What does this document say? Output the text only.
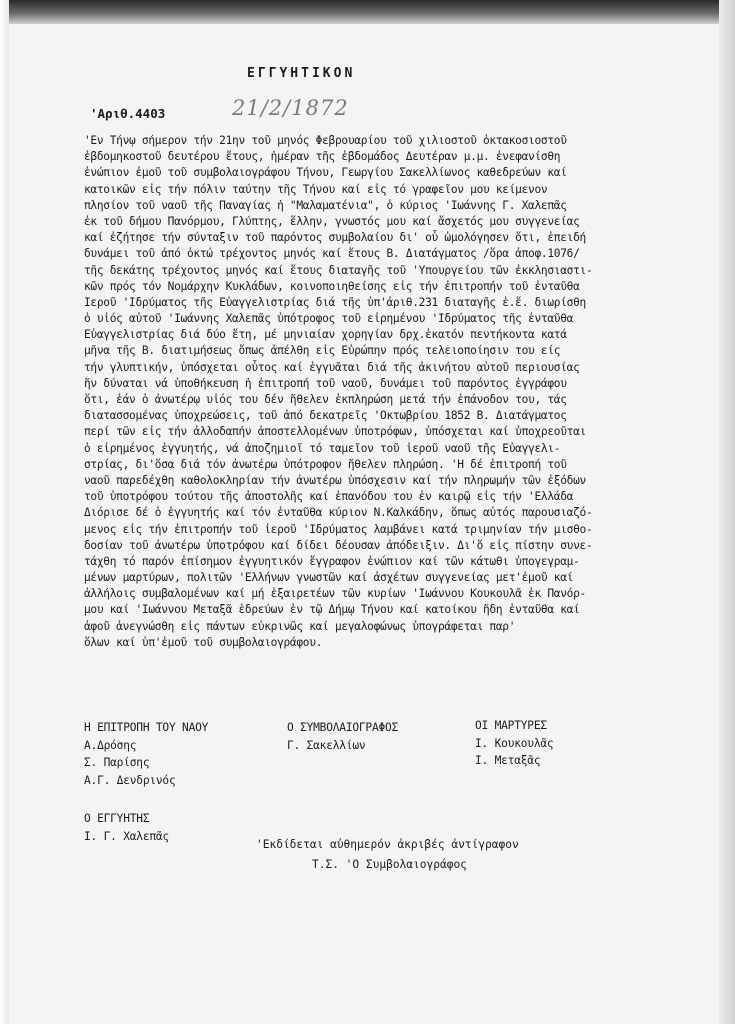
ΕΓΓΥΗΤΙΚΟΝ
'Αριθ.4403	21/2/1872
'Εν Τήνῳ σήμερον τήν 21ην τοῦ μηνός Φεβρουαρίου τοῦ χιλιοστοῦ ὀκτακοσιοστοῦ
ἑβδομηκοστοῦ δευτέρου ἔτους, ἡμέραν τῆς ἑβδομάδος Δευτέραν μ.μ. ἐνεφανίσθη
ἐνώπιον ἐμοῦ τοῦ συμβολαιογράφου Τήνου, Γεωργίου Σακελλίωνος καθεδρεύων καί
κατοικῶν εἰς τήν πόλιν ταύτην τῆς Τήνου καί εἰς τό γραφεῖον μου κείμενον
πλησίον τοῦ ναοῦ τῆς Παναγίας ἡ "Μαλαματένια", ὁ κύριος 'Ιωάννης Γ. Χαλεπᾶς
ἐκ τοῦ δήμου Πανόρμου, Γλύπτης, ἕλλην, γνωστός μου καί ἄσχετός μου συγγενείας
καί ἐζήτησε τήν σύνταξιν τοῦ παρόντος συμβολαίου δι' οὗ ὡμολόγησεν ὅτι, ἐπειδή
δυνάμει τοῦ ἀπό ὀκτώ τρέχοντος μηνός καί ἔτους Β. Διατάγματος /ὅρα ἀποφ.1076/
τῆς δεκάτης τρέχοντος μηνός καί ἔτους διαταγῆς τοῦ 'Υπουργείου τῶν ἐκκλησιαστι-
κῶν πρός τόν Νομάρχην Κυκλάδων, κοινοποιηθείσης εἰς τήν ἐπιτροπήν τοῦ ἐνταῦθα
Ιεροῦ 'Ιδρύματος τῆς Εὐαγγελιστρίας διά τῆς ὑπ'ἀριθ.231 διαταγῆς ἐ.ἔ. διωρίσθη
ὁ υἱός αὐτοῦ 'Ιωάννης Χαλεπᾶς ὑπότροφος τοῦ εἰρημένου 'Ιδρύματος τῆς ἐνταῦθα
Εὐαγγελιστρίας διά δύο ἔτη, μέ μηνιαίαν χορηγίαν δρχ.ἑκατόν πεντήκοντα κατά
μῆνα τῆς Β. διατιμήσεως ὅπως ἀπέλθη εἰς Εὐρώπην πρός τελειοποίησιν του είς
τήν γλυπτικήν, ὑπόσχεται οὗτος καί ἐγγυᾶται διά τῆς ἀκινήτου αὐτοῦ περιουσίας
ἥν δύναται νά ὑποθήκευση ἡ ἐπιτροπή τοῦ ναοῦ, δυνάμει τοῦ παρόντος ἐγγράφου
ὅτι, ἐάν ὁ ἀνωτέρῳ υἱός του δέν ἤθελεν ἐκπληρώση μετά τήν ἐπάνοδον του, τάς
διατασσομένας ὑποχρεώσεις, τοῦ ἀπό δεκατρεῖς 'Οκτωβρίου 1852 Β. Διατάγματος
περί τῶν εἰς τήν ἀλλοδαπήν ἀποστελλομένων ὑποτρόφων, ὑπόσχεται καί ὑποχρεοῦται
ὁ εἰρημένος ἐγγυητής, νά ἀποζημιοῖ τό ταμεῖον τοῦ ἱεροῦ ναοῦ τῆς Εὐαγγελι-
στρίας, δι'ὅσα διά τόν ἀνωτέρω ὑπότροφον ἤθελεν πληρώση. 'Η δέ ἐπιτροπή τοῦ
ναοῦ παρεδέχθη καθολοκληρίαν τήν ἀνωτέρω ὑπόσχεσιν καί τήν πληρωμήν τῶν ἐξόδων
τοῦ ὑποτρόφου τούτου τῆς ἀποστολῆς καί ἐπανόδου του ἐν καιρῷ εἰς τήν 'Ελλάδα
Διόρισε δέ ὁ ἐγγυητής καί τόν ἐνταῦθα κύριον Ν.Καλκάδην, ὅπως αὐτός παρουσιαζό-
μενος εἰς τήν ἐπιτροπήν τοῦ ἱεροῦ 'Ιδρύματος λαμβάνει κατά τριμηνίαν τήν μισθο-
δοσίαν τοῦ ἀνωτέρω ὑποτρόφου καί δίδει δέουσαν ἀπόδειξιν. Δι'ὅ εἰς πίστην συνε-
τάχθη τό παρόν ἐπίσημον ἐγγυητικόν ἔγγραφον ἐνώπιον καί τῶν κάτωθι ὑπογεγραμ-
μένων μαρτύρων, πολιτῶν 'Ελλήνων γνωστῶν καί ἀσχέτων συγγενείας μετ'ἐμοῦ καί
ἀλλήλοις συμβαλομένων καί μή ἐξαιρετέων τῶν κυρίων 'Ιωάννου Κουκουλᾶ ἐκ Πανόρ-
μου καί 'Ιωάννου Μεταξᾶ ἑδρεύων ἐν τῷ Δήμῳ Τήνου καί κατοίκου ἤδη ἐνταῦθα καί
ἀφοῦ ἀνεγνώσθη εἰς πάντων εὐκρινῶς καί μεγαλοφώνως ὑπογράφεται παρ'
ὅλων καί ὑπ'ἐμοῦ τοῦ συμβολαιογράφου.
Η ΕΠΙΤΡΟΠΗ ΤΟΥ ΝΑΟΥ
Α.Δρόσης
Σ. Παρίσης
Α.Γ. Δενδρινός
Ο ΣΥΜΒΟΛΑΙΟΓΡΑΦΟΣ
Γ. Σακελλίων
ΟΙ ΜΑΡΤΥΡΕΣ
Ι. Κουκουλᾶς
Ι. Μεταξᾶς
Ο ΕΓΓΥΗΤΗΣ
Ι. Γ. Χαλεπᾶς
'Εκδίδεται αὐθημερόν ἀκριβές ἀντίγραφον
Τ.Σ. 'Ο Συμβολαιογράφος
